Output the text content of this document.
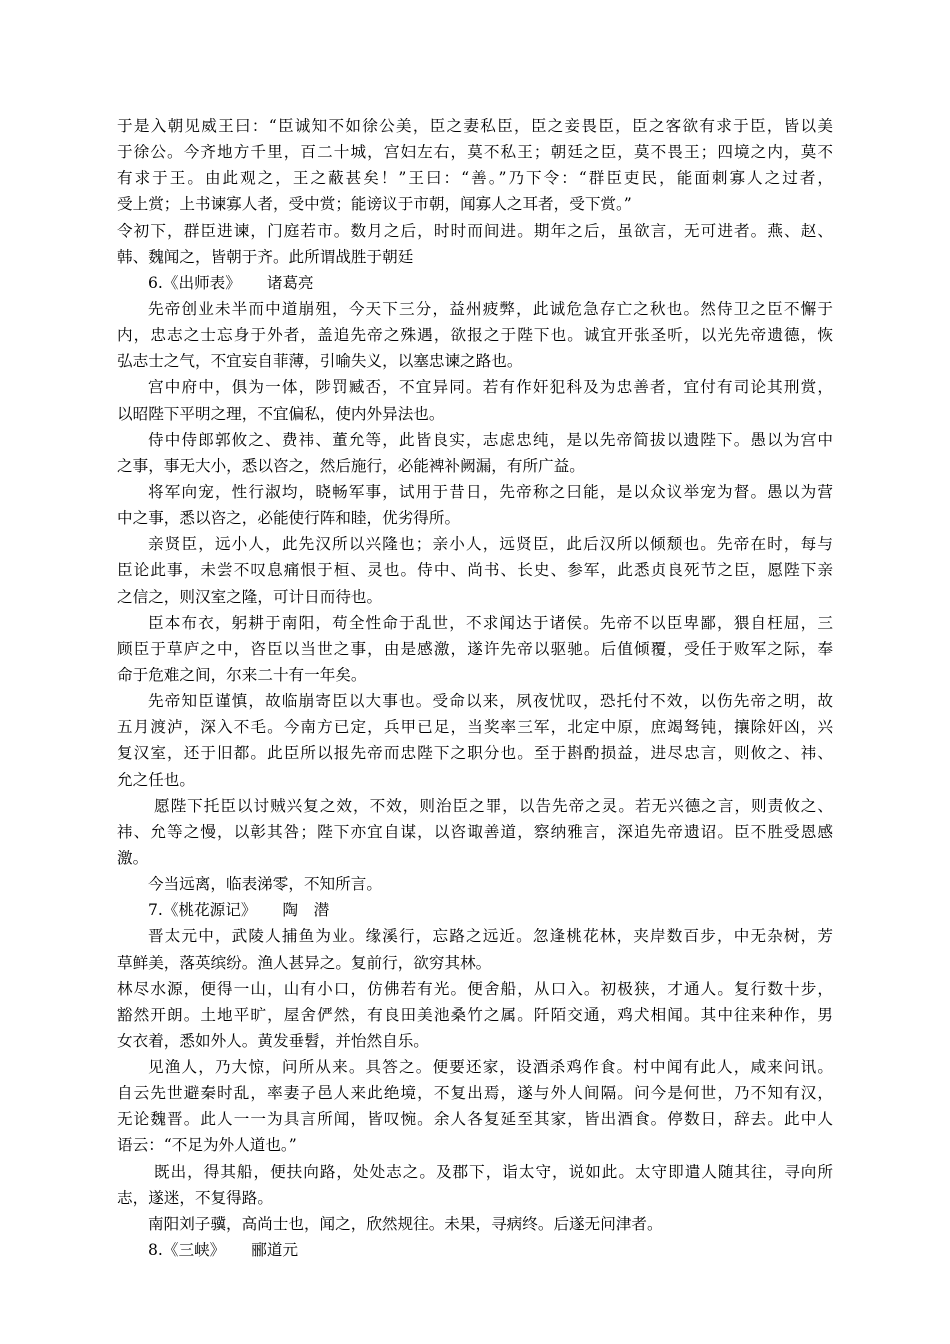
于是入朝见威王曰：“臣诚知不如徐公美，臣之妻私臣，臣之妾畏臣，臣之客欲有求于臣，皆以美
于徐公。今齐地方千里，百二十城，宫妇左右，莫不私王；朝廷之臣，莫不畏王；四境之内，莫不
有求于王。由此观之，王之蔽甚矣！”王曰：“善。”乃下令：“群臣吏民，能面刺寡人之过者，
受上赏；上书谏寡人者，受中赏；能谤议于市朝，闻寡人之耳者，受下赏。”
令初下，群臣进谏，门庭若市。数月之后，时时而间进。期年之后，虽欲言，无可进者。燕、赵、
韩、魏闻之，皆朝于齐。此所谓战胜于朝廷
6.《出师表》 诸葛亮
先帝创业未半而中道崩殂，今天下三分，益州疲弊，此诚危急存亡之秋也。然侍卫之臣不懈于
内，忠志之士忘身于外者，盖追先帝之殊遇，欲报之于陛下也。诚宜开张圣听，以光先帝遗德，恢
弘志士之气，不宜妄自菲薄，引喻失义，以塞忠谏之路也。
宫中府中，俱为一体，陟罚臧否，不宜异同。若有作奸犯科及为忠善者，宜付有司论其刑赏，
以昭陛下平明之理，不宜偏私，使内外异法也。
侍中侍郎郭攸之、费祎、董允等，此皆良实，志虑忠纯，是以先帝简拔以遗陛下。愚以为宫中
之事，事无大小，悉以咨之，然后施行，必能裨补阙漏，有所广益。
将军向宠，性行淑均，晓畅军事，试用于昔日，先帝称之曰能，是以众议举宠为督。愚以为营
中之事，悉以咨之，必能使行阵和睦，优劣得所。
亲贤臣，远小人，此先汉所以兴隆也；亲小人，远贤臣，此后汉所以倾颓也。先帝在时，每与
臣论此事，未尝不叹息痛恨于桓、灵也。侍中、尚书、长史、参军，此悉贞良死节之臣，愿陛下亲
之信之，则汉室之隆，可计日而待也。
臣本布衣，躬耕于南阳，苟全性命于乱世，不求闻达于诸侯。先帝不以臣卑鄙，猥自枉屈，三
顾臣于草庐之中，咨臣以当世之事，由是感激，遂许先帝以驱驰。后值倾覆，受任于败军之际，奉
命于危难之间，尔来二十有一年矣。
先帝知臣谨慎，故临崩寄臣以大事也。受命以来，夙夜忧叹，恐托付不效，以伤先帝之明，故
五月渡泸，深入不毛。今南方已定，兵甲已足，当奖率三军，北定中原，庶竭驽钝，攘除奸凶，兴
复汉室，还于旧都。此臣所以报先帝而忠陛下之职分也。至于斟酌损益，进尽忠言，则攸之、祎、
允之任也。
愿陛下托臣以讨贼兴复之效，不效，则治臣之罪，以告先帝之灵。若无兴德之言，则责攸之、
祎、允等之慢，以彰其咎；陛下亦宜自谋，以咨诹善道，察纳雅言，深追先帝遗诏。臣不胜受恩感
激。
今当远离，临表涕零，不知所言。
7.《桃花源记》 陶　潜
晋太元中，武陵人捕鱼为业。缘溪行，忘路之远近。忽逢桃花林，夹岸数百步，中无杂树，芳
草鲜美，落英缤纷。渔人甚异之。复前行，欲穷其林。
林尽水源，便得一山，山有小口，仿佛若有光。便舍船，从口入。初极狭，才通人。复行数十步，
豁然开朗。土地平旷，屋舍俨然，有良田美池桑竹之属。阡陌交通，鸡犬相闻。其中往来种作，男
女衣着，悉如外人。黄发垂髫，并怡然自乐。
见渔人，乃大惊，问所从来。具答之。便要还家，设酒杀鸡作食。村中闻有此人，咸来问讯。
自云先世避秦时乱，率妻子邑人来此绝境，不复出焉，遂与外人间隔。问今是何世，乃不知有汉，
无论魏晋。此人一一为具言所闻，皆叹惋。余人各复延至其家，皆出酒食。停数日，辞去。此中人
语云：“不足为外人道也。”
既出，得其船，便扶向路，处处志之。及郡下，诣太守，说如此。太守即遣人随其往，寻向所
志，遂迷，不复得路。
南阳刘子骥，高尚士也，闻之，欣然规往。未果，寻病终。后遂无问津者。
8.《三峡》 郦道元
